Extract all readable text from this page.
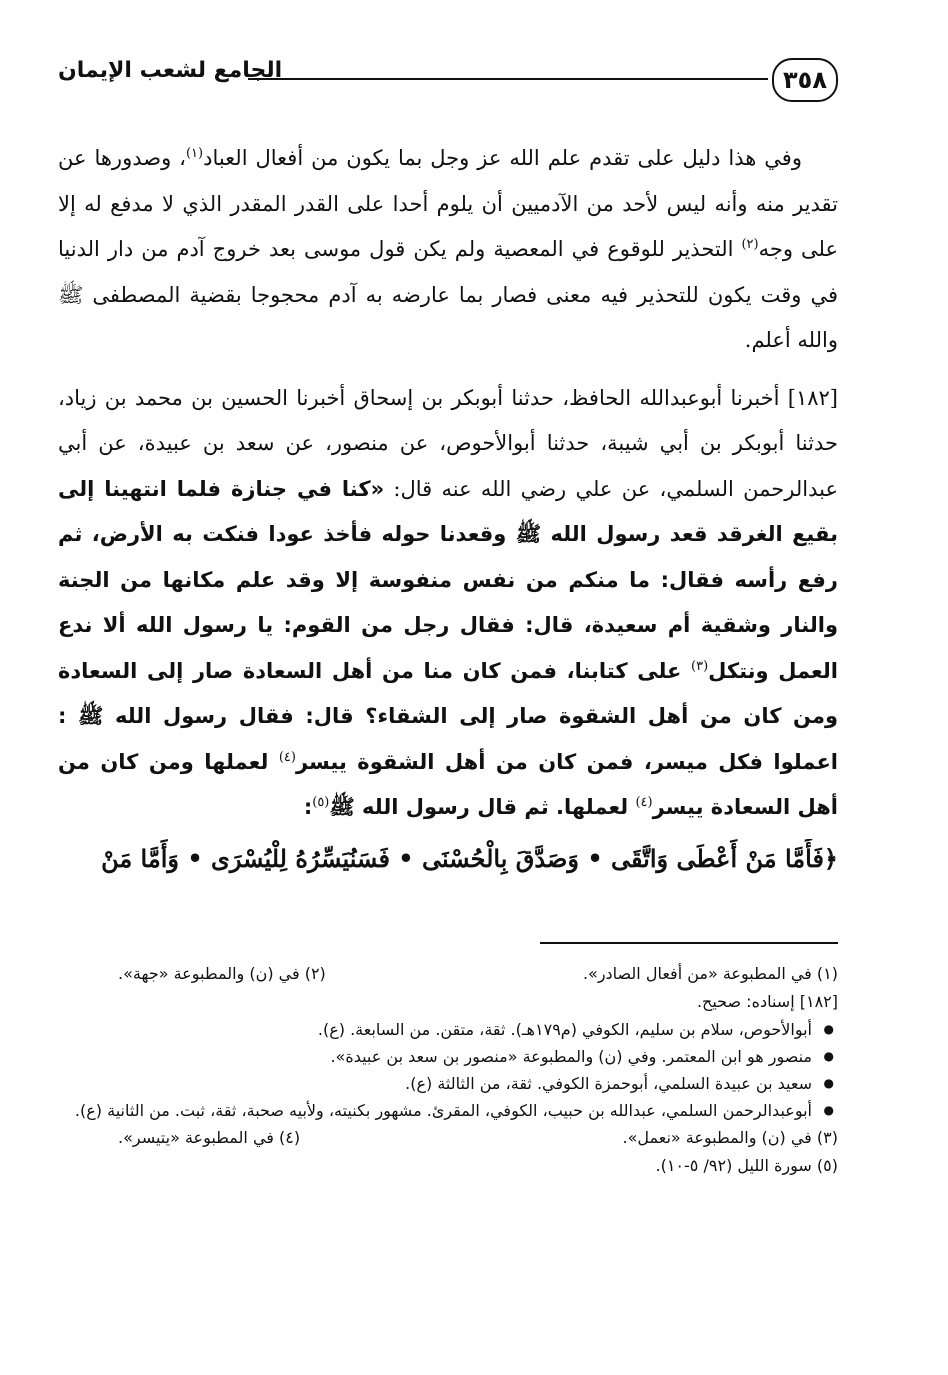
٣٥٨
الجامع لشعب الإيمان

وفي هذا دليل على تقدم علم الله عز وجل بما يكون من أفعال العباد$^{(١)}$، وصدورها عن تقدير منه وأنه ليس لأحد من الآدميين أن يلوم أحدا على القدر المقدر الذي لا مدفع له إلا على وجه$^{(٢)}$ التحذير للوقوع في المعصية ولم يكن قول موسى بعد خروج آدم من دار الدنيا في وقت يكون للتحذير فيه معنى فصار بما عارضه به آدم محجوجا بقضية المصطفى ﷺ والله أعلم.

[١٨٢] أخبرنا أبوعبدالله الحافظ، حدثنا أبوبكر بن إسحاق أخبرنا الحسين بن محمد بن زياد، حدثنا أبوبكر بن أبي شيبة، حدثنا أبوالأحوص، عن منصور، عن سعد بن عبيدة، عن أبي عبدالرحمن السلمي، عن علي رضي الله عنه قال: «كنا في جنازة فلما انتهينا إلى بقيع الغرقد قعد رسول الله ﷺ وقعدنا حوله فأخذ عودا فنكت به الأرض، ثم رفع رأسه فقال: ما منكم من نفس منفوسة إلا وقد علم مكانها من الجنة والنار وشقية أم سعيدة، قال: فقال رجل من القوم: يا رسول الله ألا ندع العمل ونتكل$^{(٣)}$ على كتابنا، فمن كان منا من أهل السعادة صار إلى السعادة ومن كان من أهل الشقوة صار إلى الشقاء؟ قال: فقال رسول الله ﷺ : اعملوا فكل ميسر، فمن كان من أهل الشقوة ييسر$^{(٤)}$ لعملها ومن كان من أهل السعادة ييسر$^{(٤)}$ لعملها. ثم قال رسول الله ﷺ$^{(٥)}$:

﴿فَأَمَّا مَنْ أَعْطَى وَاتَّقَى • وَصَدَّقَ بِالْحُسْنَى • فَسَنُيَسِّرُهُ لِلْيُسْرَى • وَأَمَّا مَنْ
(١) في المطبوعة «من أفعال الصادر».
(٢) في (ن) والمطبوعة «جهة».
[١٨٢] إسناده: صحيح.
● أبوالأحوص، سلام بن سليم، الكوفي (م١٧٩هـ). ثقة، متقن. من السابعة. (ع).
● منصور هو ابن المعتمر. وفي (ن) والمطبوعة «منصور بن سعد بن عبيدة».
● سعيد بن عبيدة السلمي، أبوحمزة الكوفي. ثقة، من الثالثة (ع).
● أبوعبدالرحمن السلمي، عبدالله بن حبيب، الكوفي، المقرئ. مشهور بكنيته، ولأبيه صحبة، ثقة، ثبت. من الثانية (ع).
(٣) في (ن) والمطبوعة «نعمل».
(٤) في المطبوعة «يتيسر».
(٥) سورة الليل (٩٢/ ٥-١٠).
